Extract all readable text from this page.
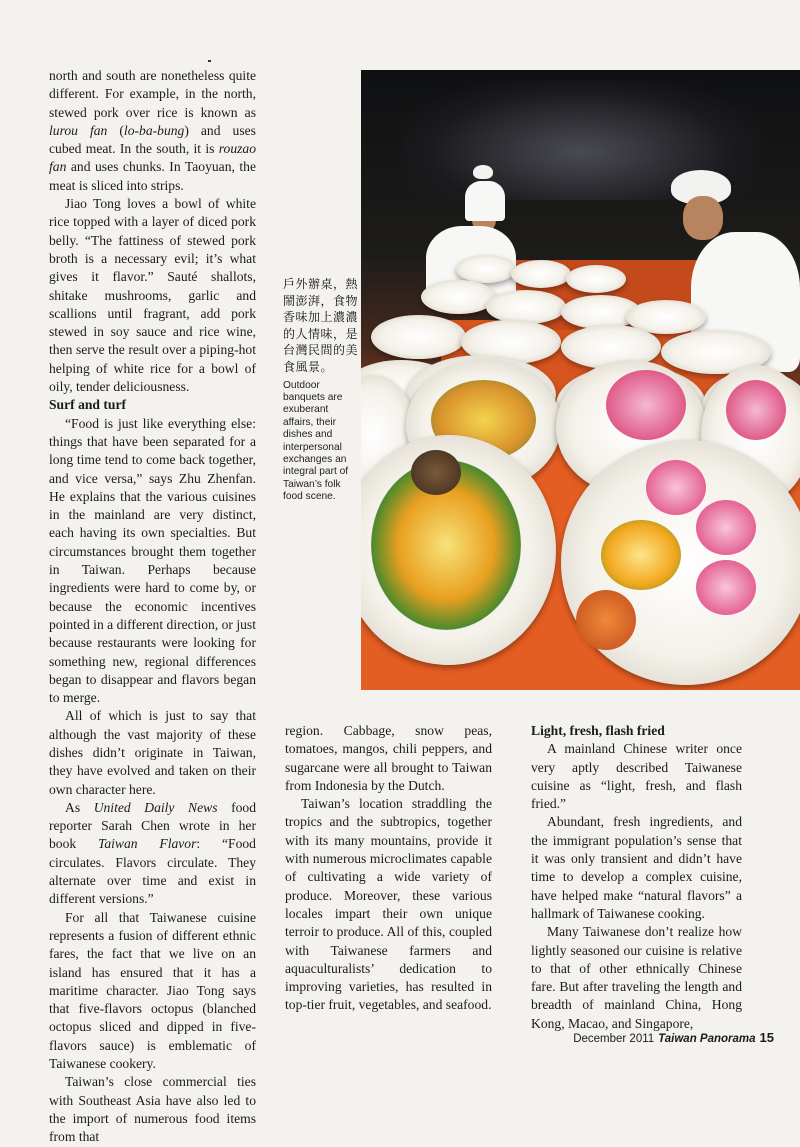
north and south are nonetheless quite different. For example, in the north, stewed pork over rice is known as lurou fan (lo-ba-bung) and uses cubed meat. In the south, it is rouzao fan and uses chunks. In Taoyuan, the meat is sliced into strips.

Jiao Tong loves a bowl of white rice topped with a layer of diced pork belly. “The fattiness of stewed pork broth is a necessary evil; it’s what gives it flavor.” Sauté shallots, shitake mushrooms, garlic and scallions until fragrant, add pork stewed in soy sauce and rice wine, then serve the result over a piping-hot helping of white rice for a bowl of oily, tender deliciousness.

Surf and turf

“Food is just like everything else: things that have been separated for a long time tend to come back together, and vice versa,” says Zhu Zhenfan. He explains that the various cuisines in the mainland are very distinct, each having its own specialties. But circumstances brought them together in Taiwan. Perhaps because ingredients were hard to come by, or because the economic incentives pointed in a different direction, or just because restaurants were looking for something new, regional differences began to disappear and flavors began to merge.

All of which is just to say that although the vast majority of these dishes didn’t originate in Taiwan, they have evolved and taken on their own character here.

As United Daily News food reporter Sarah Chen wrote in her book Taiwan Flavor: “Food circulates. Flavors circulate. They alternate over time and exist in different versions.”

For all that Taiwanese cuisine represents a fusion of different ethnic fares, the fact that we live on an island has ensured that it has a maritime character. Jiao Tong says that five-flavors octopus (blanched octopus sliced and dipped in five-flavors sauce) is emblematic of Taiwanese cookery.

Taiwan’s close commercial ties with Southeast Asia have also led to the import of numerous food items from that

戶外辦桌，熱鬧澎湃，食物香味加上濃濃的人情味，是台灣民間的美食風景。

Outdoor banquets are exuberant affairs, their dishes and interpersonal exchanges an integral part of Taiwan’s folk food scene.

region. Cabbage, snow peas, tomatoes, mangos, chili peppers, and sugarcane were all brought to Taiwan from Indonesia by the Dutch.

Taiwan’s location straddling the tropics and the subtropics, together with its many mountains, provide it with numerous microclimates capable of cultivating a wide variety of produce. Moreover, these various locales impart their own unique terroir to produce. All of this, coupled with Taiwanese farmers and aquaculturalists’ dedication to improving varieties, has resulted in top-tier fruit, vegetables, and seafood.

Light, fresh, flash fried

A mainland Chinese writer once very aptly described Taiwanese cuisine as “light, fresh, and flash fried.”

Abundant, fresh ingredients, and the immigrant population’s sense that it was only transient and didn’t have time to develop a complex cuisine, have helped make “natural flavors” a hallmark of Taiwanese cooking.

Many Taiwanese don’t realize how lightly seasoned our cuisine is relative to that of other ethnically Chinese fare. But after traveling the length and breadth of mainland China, Hong Kong, Macao, and Singapore,

December 2011 Taiwan Panorama 15
